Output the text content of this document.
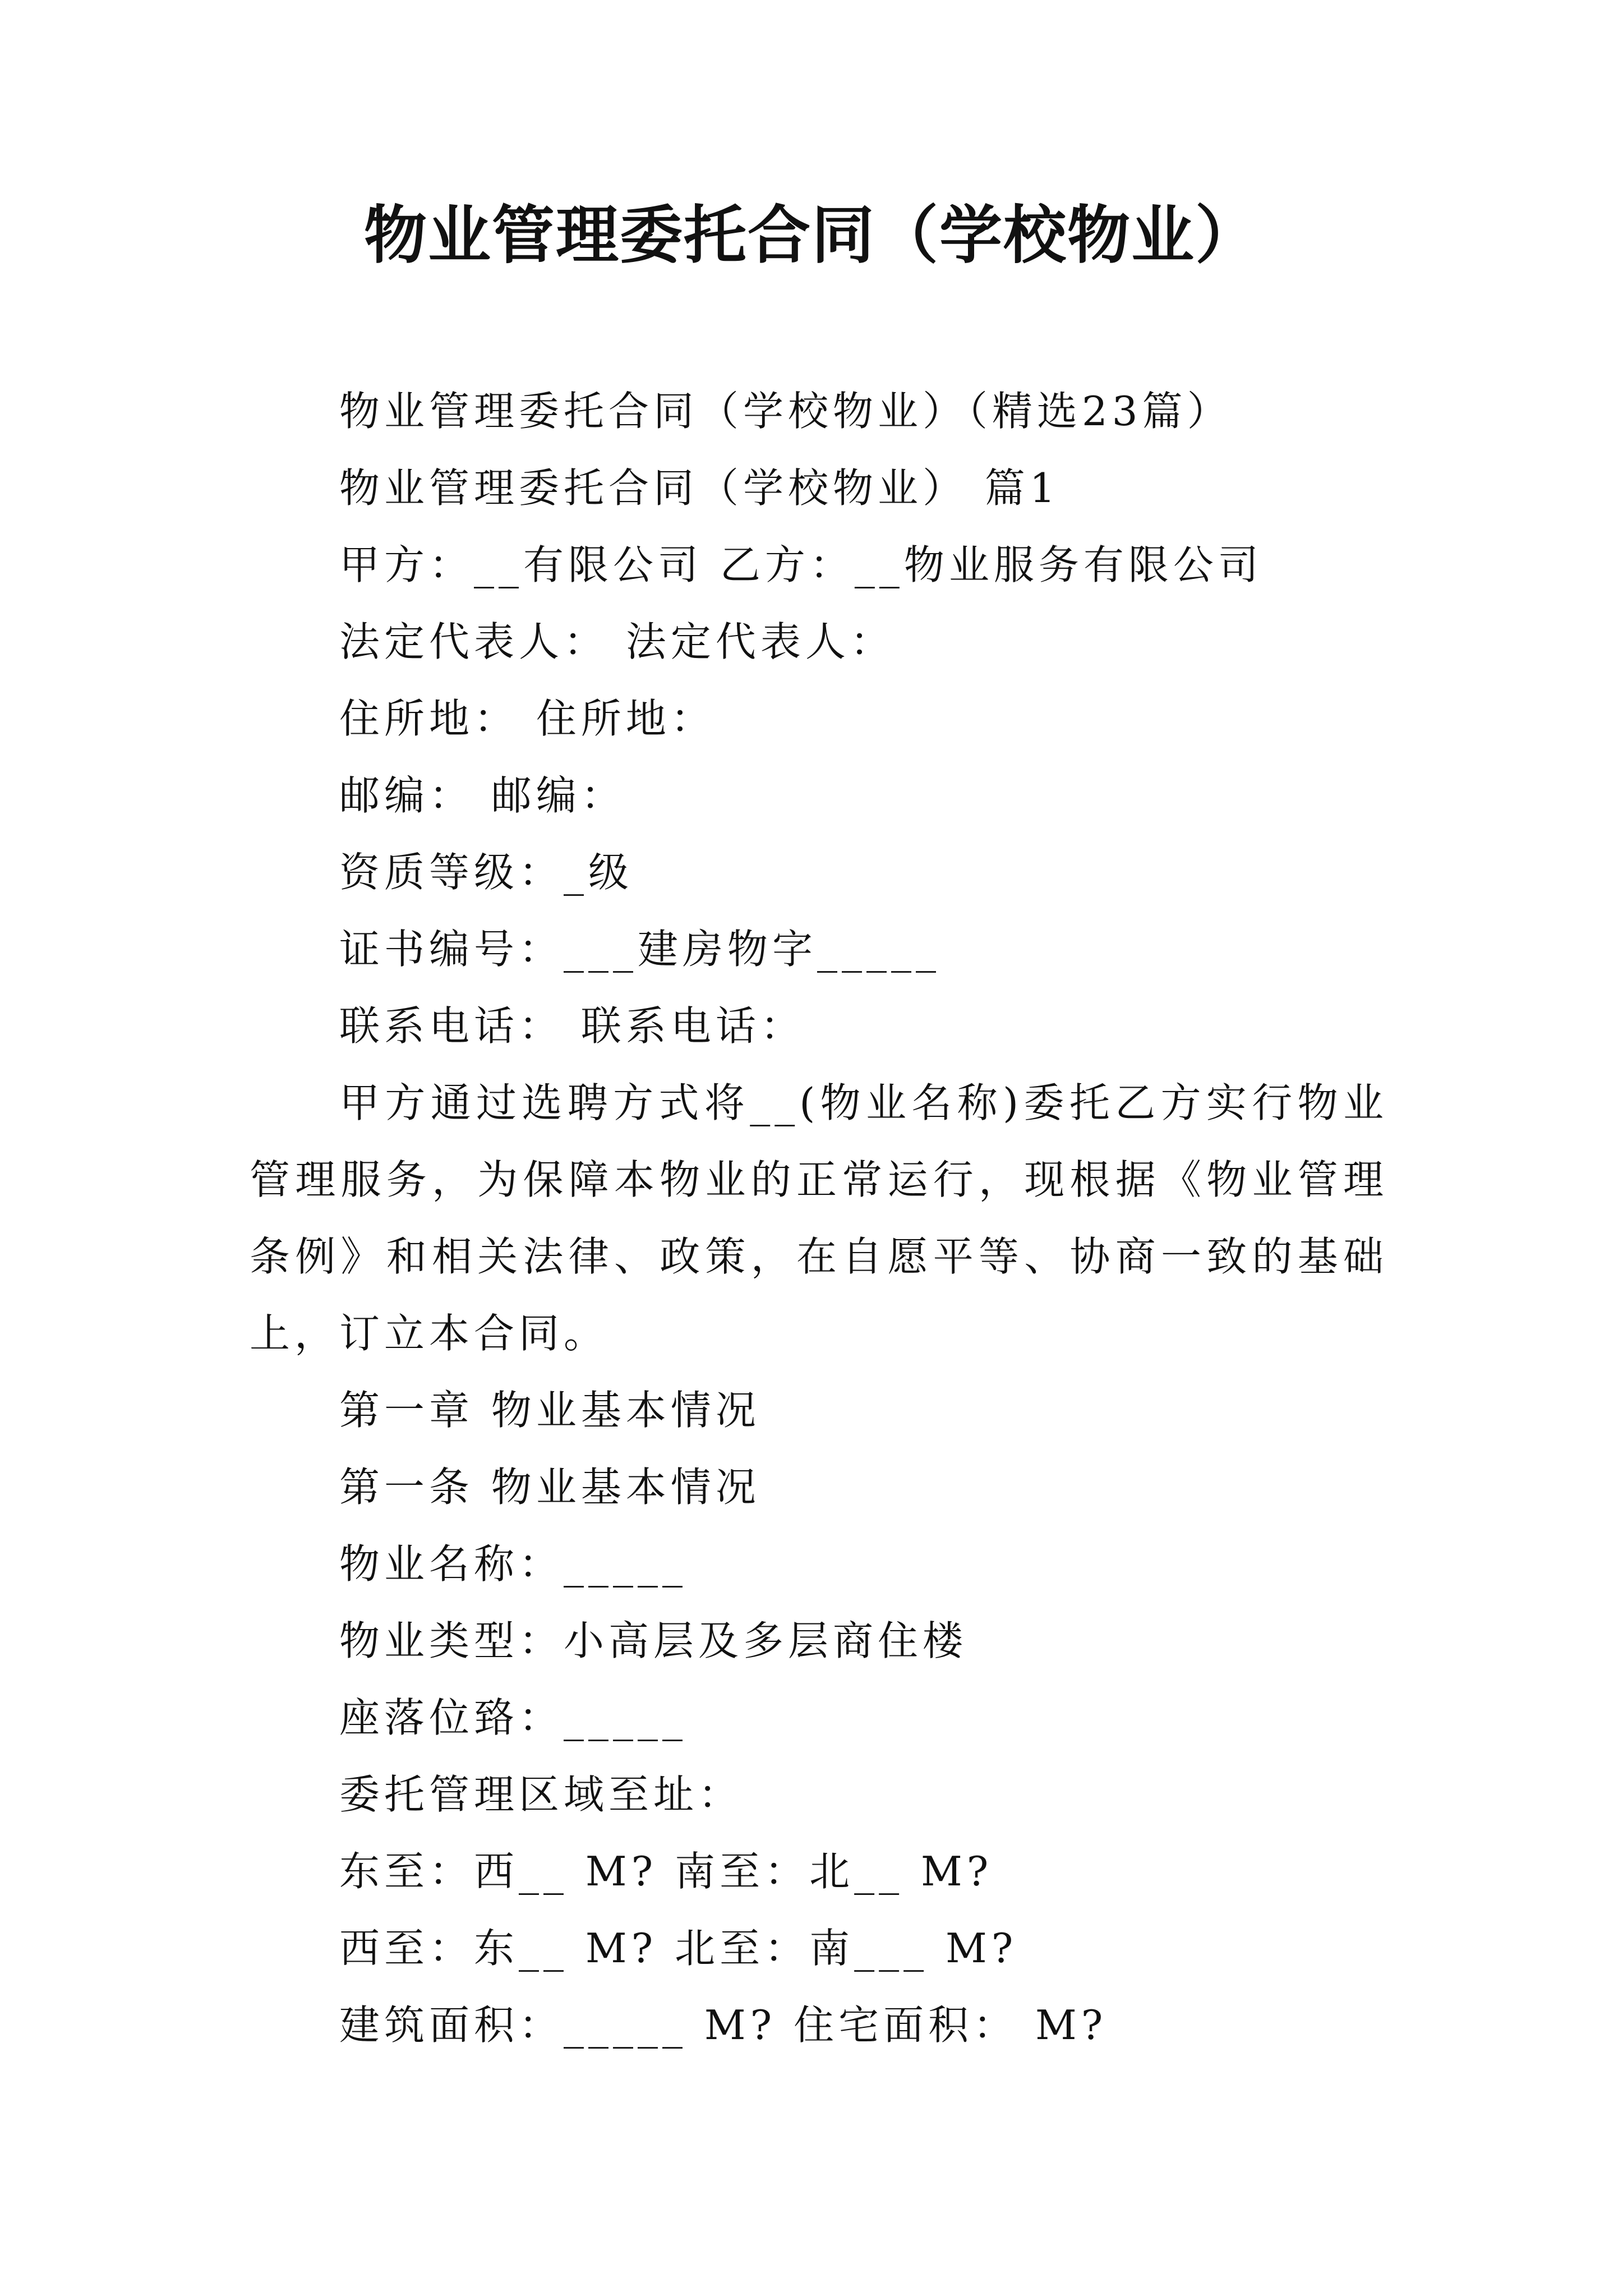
物业管理委托合同（学校物业）

物业管理委托合同（学校物业）（精选23篇）

物业管理委托合同（学校物业） 篇1

甲方：__有限公司 乙方：__物业服务有限公司

法定代表人： 法定代表人：

住所地： 住所地：

邮编： 邮编：

资质等级：_级

证书编号：___建房物字_____

联系电话： 联系电话：

甲方通过选聘方式将__(物业名称)委托乙方实行物业管理服务，为保障本物业的正常运行，现根据《物业管理条例》和相关法律、政策，在自愿平等、协商一致的基础上，订立本合同。

第一章 物业基本情况

第一条 物业基本情况

物业名称：_____

物业类型：小高层及多层商住楼

座落位臵：_____

委托管理区域至址：

东至：西__ M? 南至：北__ M?

西至：东__ M? 北至：南___ M?

建筑面积：_____ M? 住宅面积： M?
